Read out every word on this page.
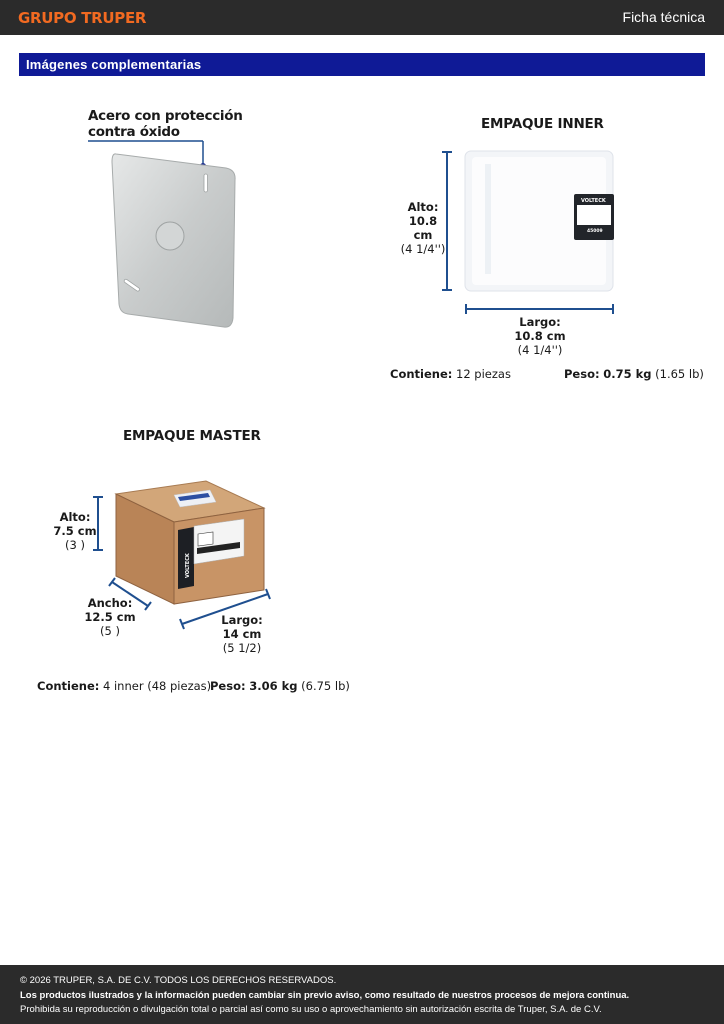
GRUPO TRUPER	Ficha técnica
Imágenes complementarias
Acero con protección
contra óxido	EMPAQUE INNER
VOLTECK
45009
Alto:
10.8 cm
(4 1/4'')
Largo:
10.8 cm
(4 1/4'')
Contiene: 12 piezas	Peso: 0.75 kg (1.65 lb)
EMPAQUE MASTER
VOLTECK
Alto:
7.5 cm
(3 )
Ancho:
12.5 cm
(5 )
Largo:
14 cm
(5 1/2)
Contiene: 4 inner (48 piezas)
Peso: 3.06 kg (6.75 lb)
© 2026 TRUPER, S.A. DE C.V. TODOS LOS DERECHOS RESERVADOS.
Los productos ilustrados y la información pueden cambiar sin previo aviso, como resultado de nuestros procesos de mejora continua.
Prohibida su reproducción o divulgación total o parcial así como su uso o aprovechamiento sin autorización escrita de Truper, S.A. de C.V.
